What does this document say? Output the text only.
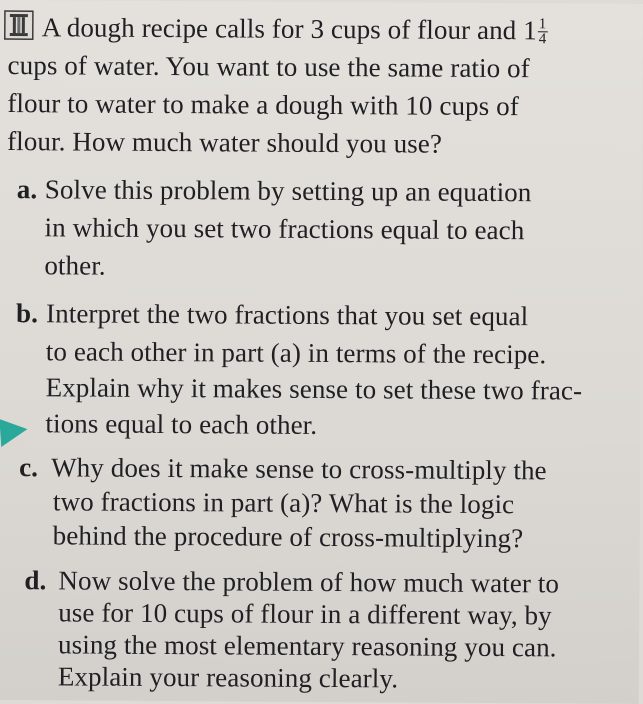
A dough recipe calls for 3 cups of flour and $1 \frac{1}{4}$
cups of water. You want to use the same ratio of
flour to water to make a dough with 10 cups of
flour. How much water should you use?
a. Solve this problem by setting up an equation
in which you set two fractions equal to each
other.
b. Interpret the two fractions that you set equal
to each other in part (a) in terms of the recipe.
Explain why it makes sense to set these two frac-
tions equal to each other.
c. Why does it make sense to cross-multiply the
two fractions in part (a)? What is the logic
behind the procedure of cross-multiplying?
d. Now solve the problem of how much water to
use for 10 cups of flour in a different way, by
using the most elementary reasoning you can.
Explain your reasoning clearly.
